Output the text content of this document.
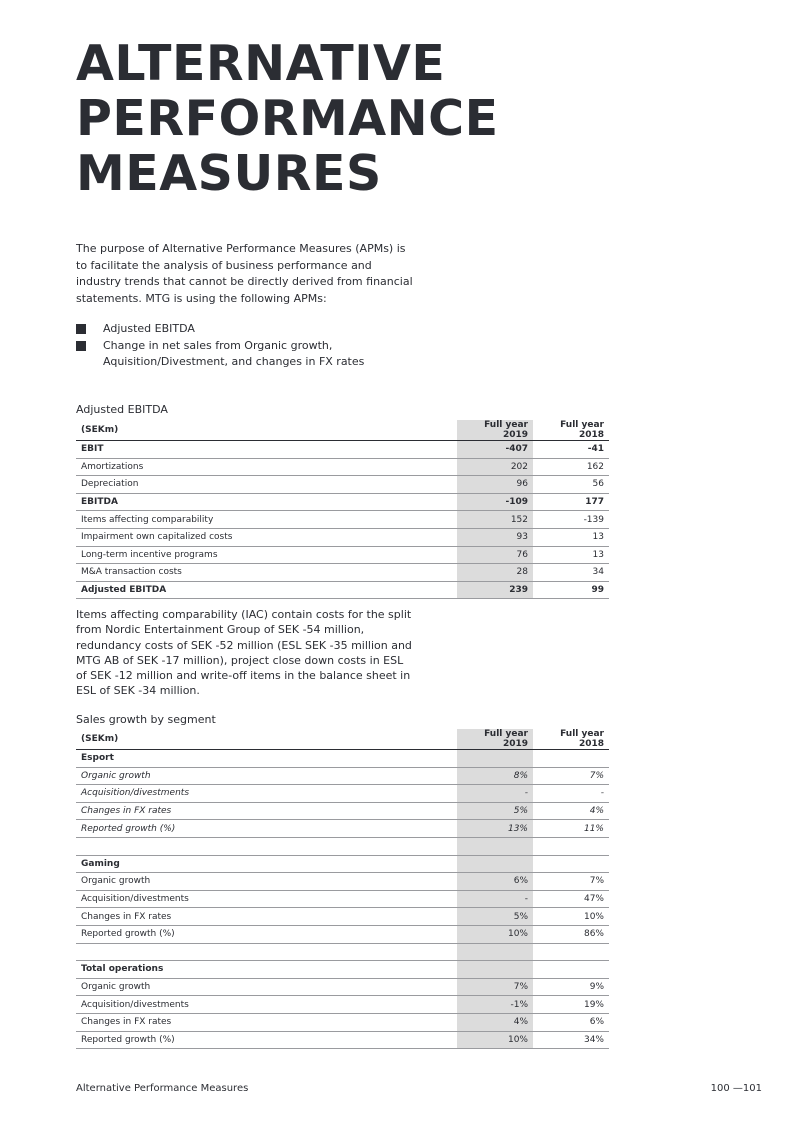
ALTERNATIVE
PERFORMANCE
MEASURES

The purpose of Alternative Performance Measures (APMs) is to facilitate the analysis of business performance and industry trends that cannot be directly derived from financial statements. MTG is using the following APMs:

Adjusted EBITDA
Change in net sales from Organic growth, Aquisition/Divestment, and changes in FX rates
Adjusted EBITDA
(SEKm)	Full year 2019	Full year 2018
EBIT	-407	-41
Amortizations	202	162
Depreciation	96	56
EBITDA	-109	177
Items affecting comparability	152	-139
Impairment own capitalized costs	93	13
Long-term incentive programs	76	13
M&A transaction costs	28	34
Adjusted EBITDA	239	99

Items affecting comparability (IAC) contain costs for the split from Nordic Entertainment Group of SEK -54 million, redundancy costs of SEK -52 million (ESL SEK -35 million and MTG AB of SEK -17 million), project close down costs in ESL of SEK -12 million and write-off items in the balance sheet in ESL of SEK -34 million.

Sales growth by segment
(SEKm)	Full year 2019	Full year 2018
Esport		
Organic growth	8%	7%
Acquisition/divestments	-	-
Changes in FX rates	5%	4%
Reported growth (%)	13%	11%

Gaming		
Organic growth	6%	7%
Acquisition/divestments	-	47%
Changes in FX rates	5%	10%
Reported growth (%)	10%	86%

Total operations		
Organic growth	7%	9%
Acquisition/divestments	-1%	19%
Changes in FX rates	4%	6%
Reported growth (%)	10%	34%
Alternative Performance Measures	100 —101
